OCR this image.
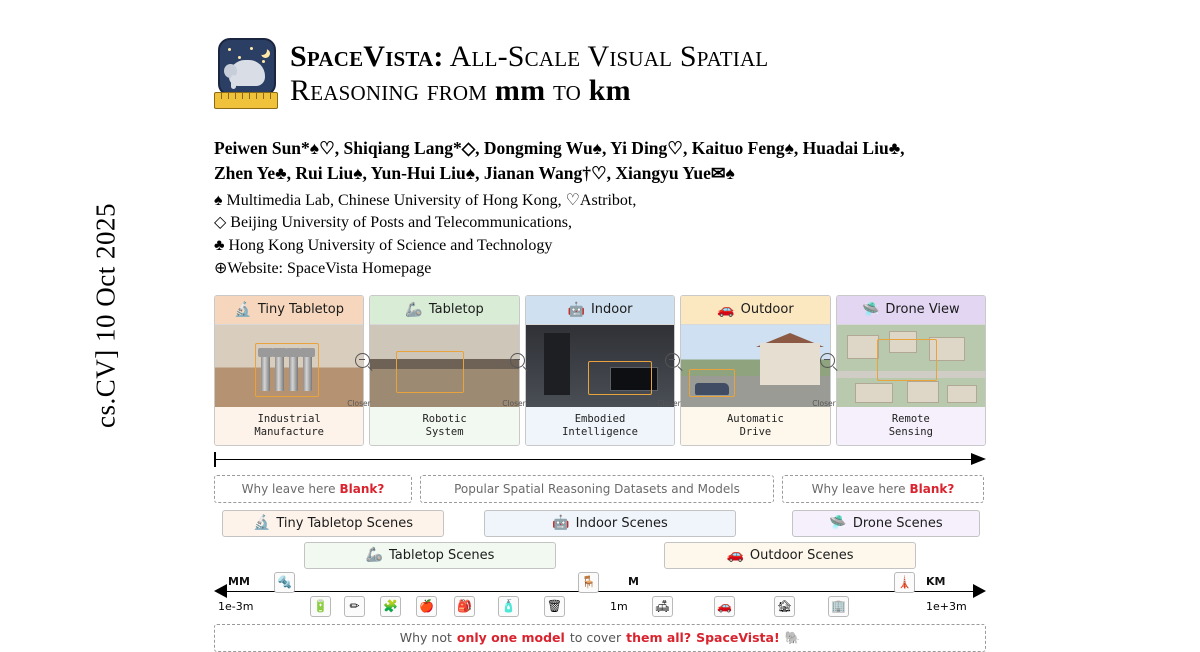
cs.CV] 10 Oct 2025
SpaceVista: All-Scale Visual Spatial
Reasoning from mm to km
Peiwen Sun*♠♡, Shiqiang Lang*◇, Dongming Wu♠, Yi Ding♡, Kaituo Feng♠, Huadai Liu♣,
Zhen Ye♣, Rui Liu♠, Yun-Hui Liu♠, Jianan Wang†♡, Xiangyu Yue✉♠
♠ Multimedia Lab, Chinese University of Hong Kong, ♡Astribot,
◇ Beijing University of Posts and Telecommunications,
♣ Hong Kong University of Science and Technology
⊕Website: SpaceVista Homepage
🔬 Tiny Tabletop
Industrial
Manufacture
🦾 Tabletop
Robotic
System
🤖 Indoor
Embodied
Intelligence
🚗 Outdoor
Automatic
Drive
🛸 Drone View
Remote
Sensing
Closer	Closer	Closer	Closer
Why leave here Blank?	Popular Spatial Reasoning Datasets and Models	Why leave here Blank?
🔬 Tiny Tabletop Scenes	🤖 Indoor Scenes	🛸 Drone Scenes
🦾 Tabletop Scenes	🚗 Outdoor Scenes
MM	M	KM
1e-3m	1m	1e+3m
🔩
🔋	✏	🧩 🍎 🎒 🧴	🗑
🪑
🛋	🚗	🏚	🏢
🗼
Why not only one model to cover them all? SpaceVista! 🐘
